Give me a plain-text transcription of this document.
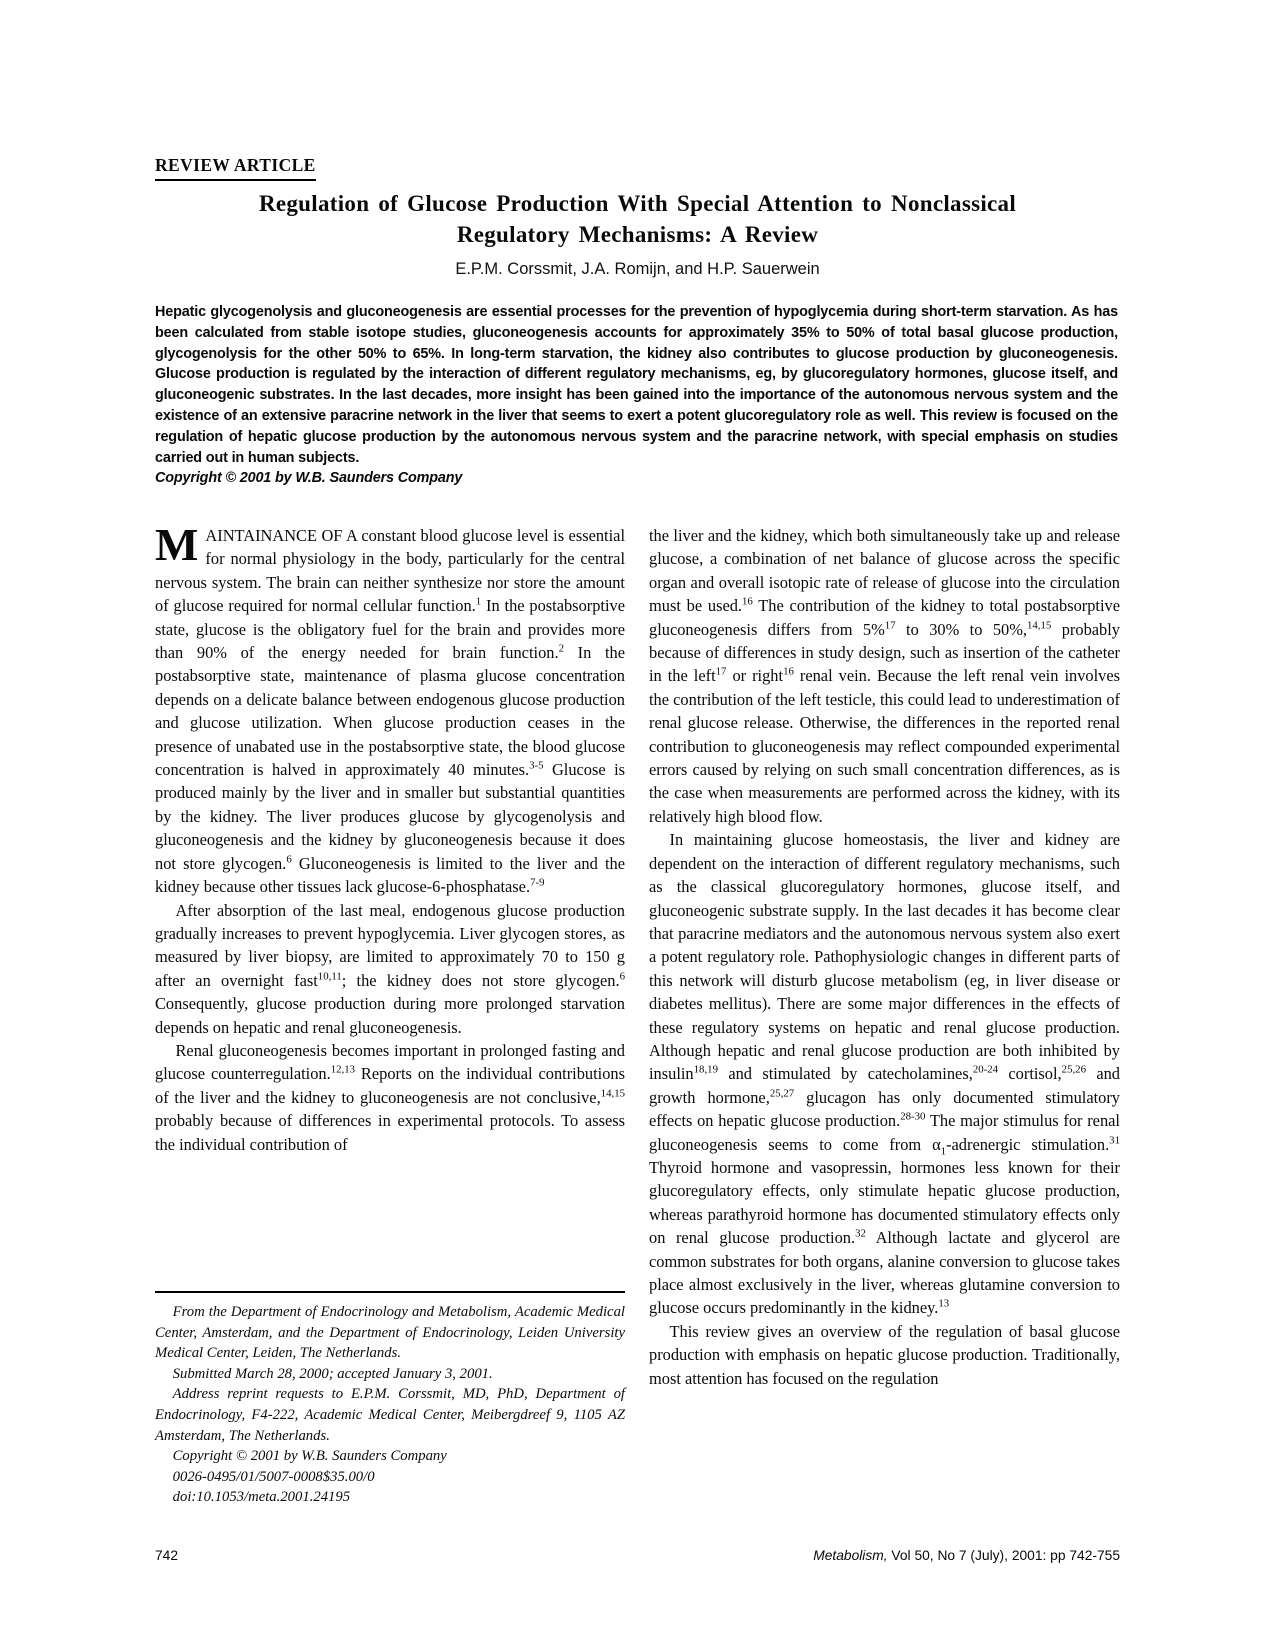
REVIEW ARTICLE
Regulation of Glucose Production With Special Attention to Nonclassical
Regulatory Mechanisms: A Review
E.P.M. Corssmit, J.A. Romijn, and H.P. Sauerwein
Hepatic glycogenolysis and gluconeogenesis are essential processes for the prevention of hypoglycemia during short-term starvation. As has been calculated from stable isotope studies, gluconeogenesis accounts for approximately 35% to 50% of total basal glucose production, glycogenolysis for the other 50% to 65%. In long-term starvation, the kidney also contributes to glucose production by gluconeogenesis. Glucose production is regulated by the interaction of different regulatory mechanisms, eg, by glucoregulatory hormones, glucose itself, and gluconeogenic substrates. In the last decades, more insight has been gained into the importance of the autonomous nervous system and the existence of an extensive paracrine network in the liver that seems to exert a potent glucoregulatory role as well. This review is focused on the regulation of hepatic glucose production by the autonomous nervous system and the paracrine network, with special emphasis on studies carried out in human subjects.
Copyright © 2001 by W.B. Saunders Company

MAINTAINANCE OF A constant blood glucose level is essential for normal physiology in the body, particularly for the central nervous system. The brain can neither synthesize nor store the amount of glucose required for normal cellular function.$^1$ In the postabsorptive state, glucose is the obligatory fuel for the brain and provides more than 90% of the energy needed for brain function.$^2$ In the postabsorptive state, maintenance of plasma glucose concentration depends on a delicate balance between endogenous glucose production and glucose utilization. When glucose production ceases in the presence of unabated use in the postabsorptive state, the blood glucose concentration is halved in approximately 40 minutes.$^{3-5}$ Glucose is produced mainly by the liver and in smaller but substantial quantities by the kidney. The liver produces glucose by glycogenolysis and gluconeogenesis and the kidney by gluconeogenesis because it does not store glycogen.$^6$ Gluconeogenesis is limited to the liver and the kidney because other tissues lack glucose-6-phosphatase.$^{7-9}$

After absorption of the last meal, endogenous glucose production gradually increases to prevent hypoglycemia. Liver glycogen stores, as measured by liver biopsy, are limited to approximately 70 to 150 g after an overnight fast$^{10,11}$; the kidney does not store glycogen.$^6$ Consequently, glucose production during more prolonged starvation depends on hepatic and renal gluconeogenesis.

Renal gluconeogenesis becomes important in prolonged fasting and glucose counterregulation.$^{12,13}$ Reports on the individual contributions of the liver and the kidney to gluconeogenesis are not conclusive,$^{14,15}$ probably because of differences in experimental protocols. To assess the individual contribution of

the liver and the kidney, which both simultaneously take up and release glucose, a combination of net balance of glucose across the specific organ and overall isotopic rate of release of glucose into the circulation must be used.$^{16}$ The contribution of the kidney to total postabsorptive gluconeogenesis differs from 5%$^{17}$ to 30% to 50%,$^{14,15}$ probably because of differences in study design, such as insertion of the catheter in the left$^{17}$ or right$^{16}$ renal vein. Because the left renal vein involves the contribution of the left testicle, this could lead to underestimation of renal glucose release. Otherwise, the differences in the reported renal contribution to gluconeogenesis may reflect compounded experimental errors caused by relying on such small concentration differences, as is the case when measurements are performed across the kidney, with its relatively high blood flow.

In maintaining glucose homeostasis, the liver and kidney are dependent on the interaction of different regulatory mechanisms, such as the classical glucoregulatory hormones, glucose itself, and gluconeogenic substrate supply. In the last decades it has become clear that paracrine mediators and the autonomous nervous system also exert a potent regulatory role. Pathophysiologic changes in different parts of this network will disturb glucose metabolism (eg, in liver disease or diabetes mellitus). There are some major differences in the effects of these regulatory systems on hepatic and renal glucose production. Although hepatic and renal glucose production are both inhibited by insulin$^{18,19}$ and stimulated by catecholamines,$^{20-24}$ cortisol,$^{25,26}$ and growth hormone,$^{25,27}$ glucagon has only documented stimulatory effects on hepatic glucose production.$^{28-30}$ The major stimulus for renal gluconeogenesis seems to come from $\alpha_1$-adrenergic stimulation.$^{31}$ Thyroid hormone and vasopressin, hormones less known for their glucoregulatory effects, only stimulate hepatic glucose production, whereas parathyroid hormone has documented stimulatory effects only on renal glucose production.$^{32}$ Although lactate and glycerol are common substrates for both organs, alanine conversion to glucose takes place almost exclusively in the liver, whereas glutamine conversion to glucose occurs predominantly in the kidney.$^{13}$

This review gives an overview of the regulation of basal glucose production with emphasis on hepatic glucose production. Traditionally, most attention has focused on the regulation

From the Department of Endocrinology and Metabolism, Academic Medical Center, Amsterdam, and the Department of Endocrinology, Leiden University Medical Center, Leiden, The Netherlands.

Submitted March 28, 2000; accepted January 3, 2001.

Address reprint requests to E.P.M. Corssmit, MD, PhD, Department of Endocrinology, F4-222, Academic Medical Center, Meibergdreef 9, 1105 AZ Amsterdam, The Netherlands.

Copyright © 2001 by W.B. Saunders Company

0026-0495/01/5007-0008$35.00/0

doi:10.1053/meta.2001.24195

742	Metabolism, Vol 50, No 7 (July), 2001: pp 742-755
